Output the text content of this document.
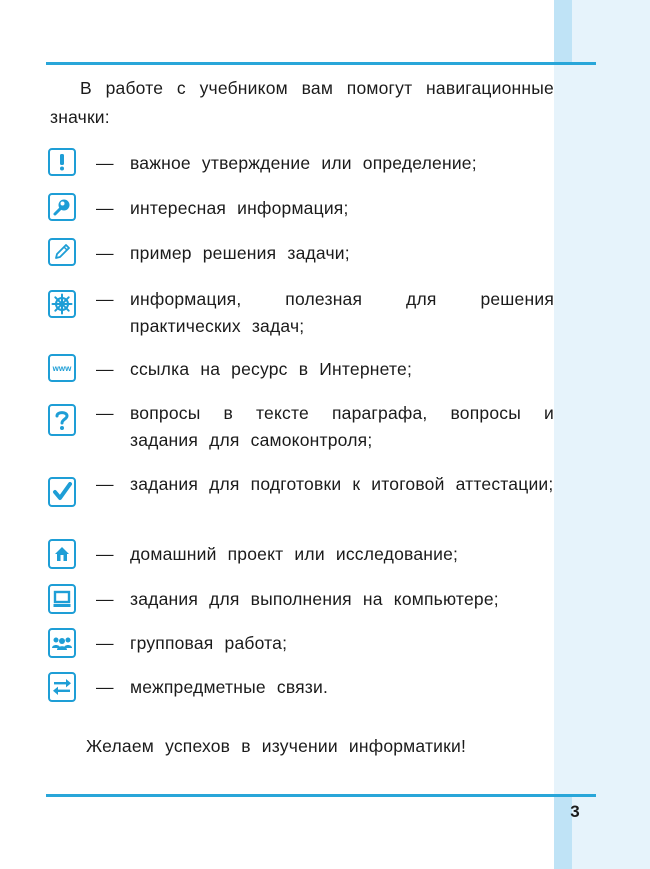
В работе с учебником вам помогут навигационные значки:
— важное утверждение или определение;
— интересная информация;
— пример решения задачи;
— информация, полезная для решения практических задач;
www — ссылка на ресурс в Интернете;
— вопросы в тексте параграфа, вопросы и задания для самоконтроля;
— задания для подготовки к итоговой аттестации;
— домашний проект или исследование;
— задания для выполнения на компьютере;
— групповая работа;
— межпредметные связи.
Желаем успехов в изучении информатики!
3
